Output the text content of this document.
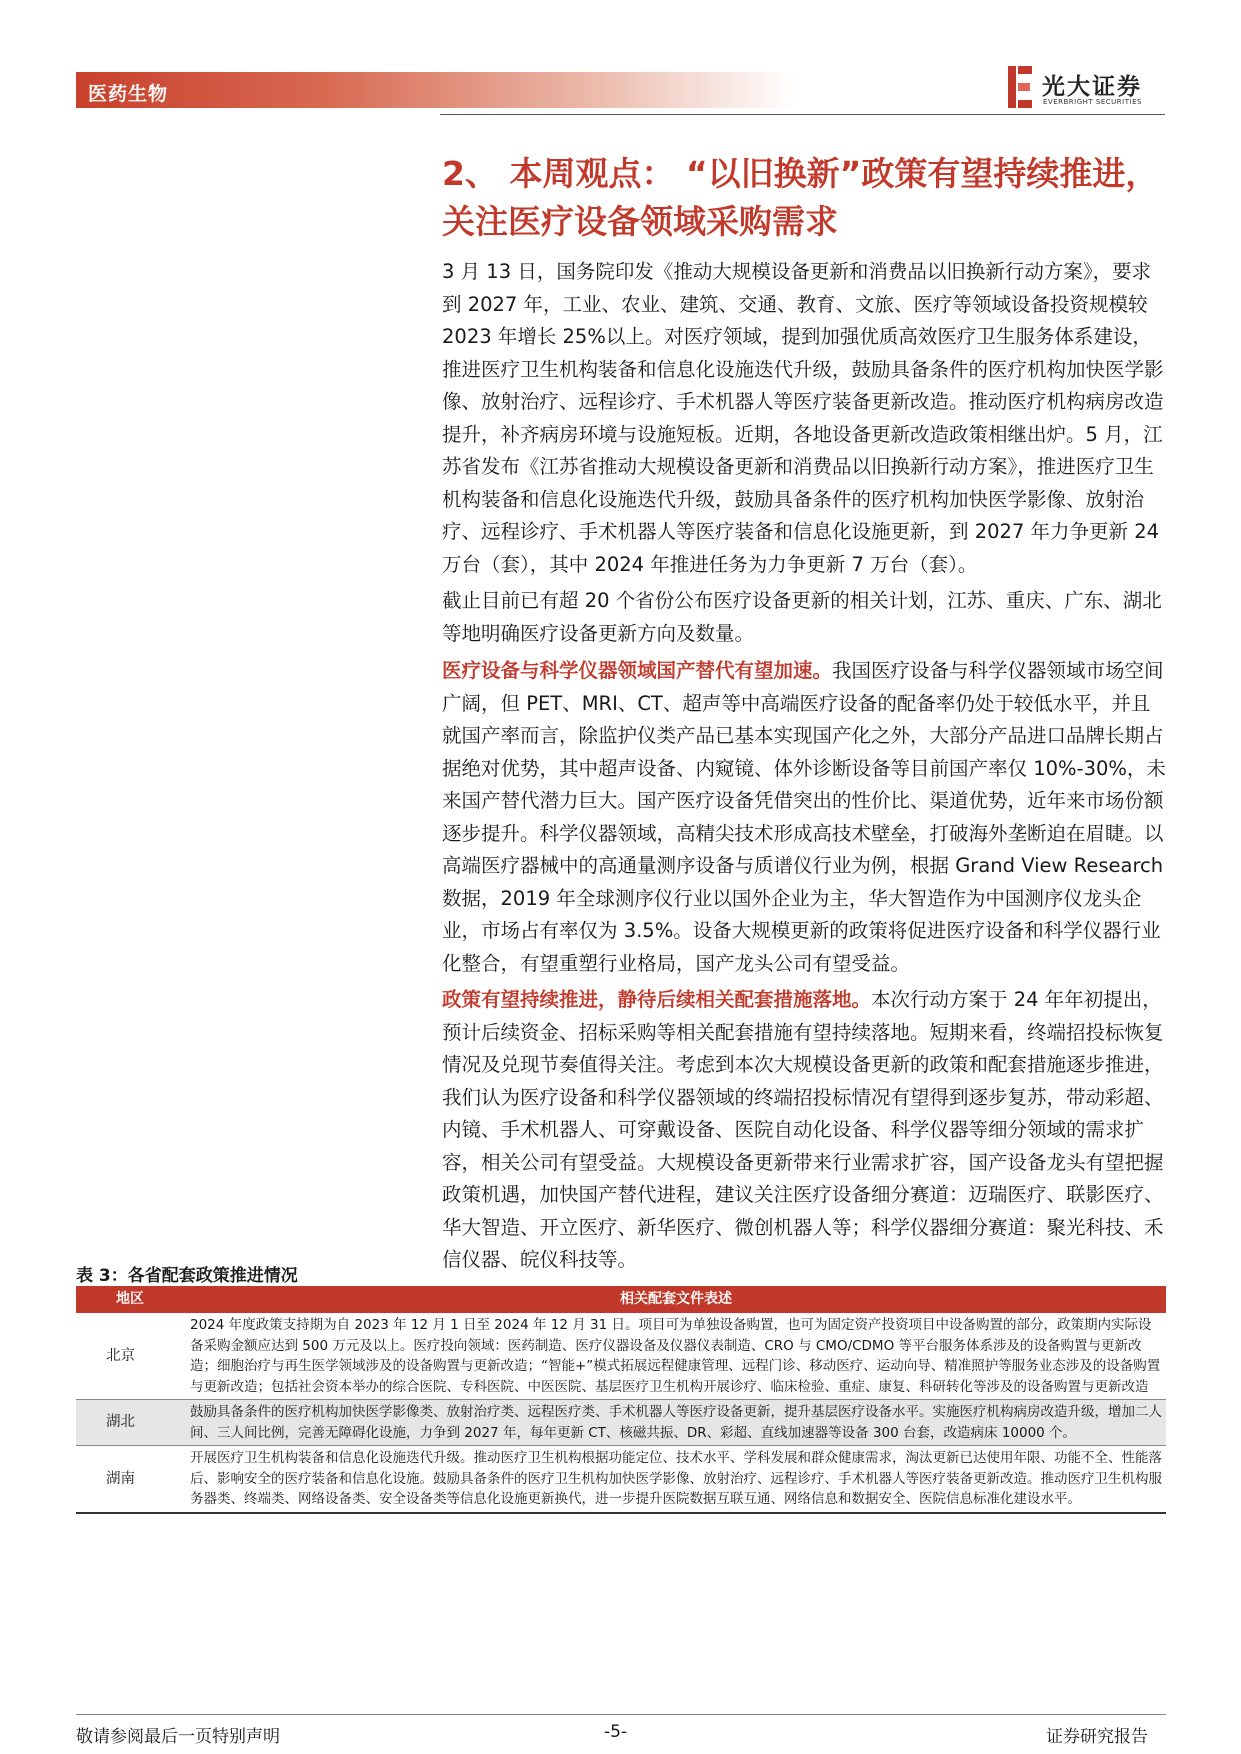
医药生物	光大证券
EVERBRIGHT SECURITIES
2、 本周观点： “以旧换新”政策有望持续推进，关注医疗设备领域采购需求
3 月 13 日，国务院印发《推动大规模设备更新和消费品以旧换新行动方案》，要求到 2027 年，工业、农业、建筑、交通、教育、文旅、医疗等领域设备投资规模较 2023 年增长 25%以上。对医疗领域，提到加强优质高效医疗卫生服务体系建设，推进医疗卫生机构装备和信息化设施迭代升级，鼓励具备条件的医疗机构加快医学影像、放射治疗、远程诊疗、手术机器人等医疗装备更新改造。推动医疗机构病房改造提升，补齐病房环境与设施短板。近期，各地设备更新改造政策相继出炉。5 月，江苏省发布《江苏省推动大规模设备更新和消费品以旧换新行动方案》，推进医疗卫生机构装备和信息化设施迭代升级，鼓励具备条件的医疗机构加快医学影像、放射治疗、远程诊疗、手术机器人等医疗装备和信息化设施更新，到 2027 年力争更新 24 万台（套），其中 2024 年推进任务为力争更新 7 万台（套）。
截止目前已有超 20 个省份公布医疗设备更新的相关计划，江苏、重庆、广东、湖北等地明确医疗设备更新方向及数量。
医疗设备与科学仪器领域国产替代有望加速。我国医疗设备与科学仪器领域市场空间广阔，但 PET、MRI、CT、超声等中高端医疗设备的配备率仍处于较低水平，并且就国产率而言，除监护仪类产品已基本实现国产化之外，大部分产品进口品牌长期占据绝对优势，其中超声设备、内窥镜、体外诊断设备等目前国产率仅 10%-30%，未来国产替代潜力巨大。国产医疗设备凭借突出的性价比、渠道优势，近年来市场份额逐步提升。科学仪器领域，高精尖技术形成高技术壁垒，打破海外垄断迫在眉睫。以高端医疗器械中的高通量测序设备与质谱仪行业为例，根据 Grand View Research 数据，2019 年全球测序仪行业以国外企业为主，华大智造作为中国测序仪龙头企业，市场占有率仅为 3.5%。设备大规模更新的政策将促进医疗设备和科学仪器行业化整合，有望重塑行业格局，国产龙头公司有望受益。
政策有望持续推进，静待后续相关配套措施落地。本次行动方案于 24 年年初提出，预计后续资金、招标采购等相关配套措施有望持续落地。短期来看，终端招投标恢复情况及兑现节奏值得关注。考虑到本次大规模设备更新的政策和配套措施逐步推进，我们认为医疗设备和科学仪器领域的终端招投标情况有望得到逐步复苏，带动彩超、内镜、手术机器人、可穿戴设备、医院自动化设备、科学仪器等细分领域的需求扩容，相关公司有望受益。大规模设备更新带来行业需求扩容，国产设备龙头有望把握政策机遇，加快国产替代进程，建议关注医疗设备细分赛道：迈瑞医疗、联影医疗、华大智造、开立医疗、新华医疗、微创机器人等；科学仪器细分赛道：聚光科技、禾信仪器、皖仪科技等。
表 3：各省配套政策推进情况
地区	相关配套文件表述
北京	2024 年度政策支持期为自 2023 年 12 月 1 日至 2024 年 12 月 31 日。项目可为单独设备购置，也可为固定资产投资项目中设备购置的部分，政策期内实际设备采购金额应达到 500 万元及以上。医疗投向领域：医药制造、医疗仪器设备及仪器仪表制造、CRO 与 CMO/CDMO 等平台服务体系涉及的设备购置与更新改造；细胞治疗与再生医学领域涉及的设备购置与更新改造；“智能+”模式拓展远程健康管理、远程门诊、移动医疗、运动向导、精准照护等服务业态涉及的设备购置与更新改造；包括社会资本举办的综合医院、专科医院、中医医院、基层医疗卫生机构开展诊疗、临床检验、重症、康复、科研转化等涉及的设备购置与更新改造
湖北	鼓励具备条件的医疗机构加快医学影像类、放射治疗类、远程医疗类、手术机器人等医疗设备更新，提升基层医疗设备水平。实施医疗机构病房改造升级，增加二人间、三人间比例，完善无障碍化设施，力争到 2027 年，每年更新 CT、核磁共振、DR、彩超、直线加速器等设备 300 台套，改造病床 10000 个。
湖南	开展医疗卫生机构装备和信息化设施迭代升级。推动医疗卫生机构根据功能定位、技术水平、学科发展和群众健康需求，淘汰更新已达使用年限、功能不全、性能落后、影响安全的医疗装备和信息化设施。鼓励具备条件的医疗卫生机构加快医学影像、放射治疗、远程诊疗、手术机器人等医疗装备更新改造。推动医疗卫生机构服务器类、终端类、网络设备类、安全设备类等信息化设施更新换代，进一步提升医院数据互联互通、网络信息和数据安全、医院信息标准化建设水平。
敬请参阅最后一页特别声明	-5-	证券研究报告
